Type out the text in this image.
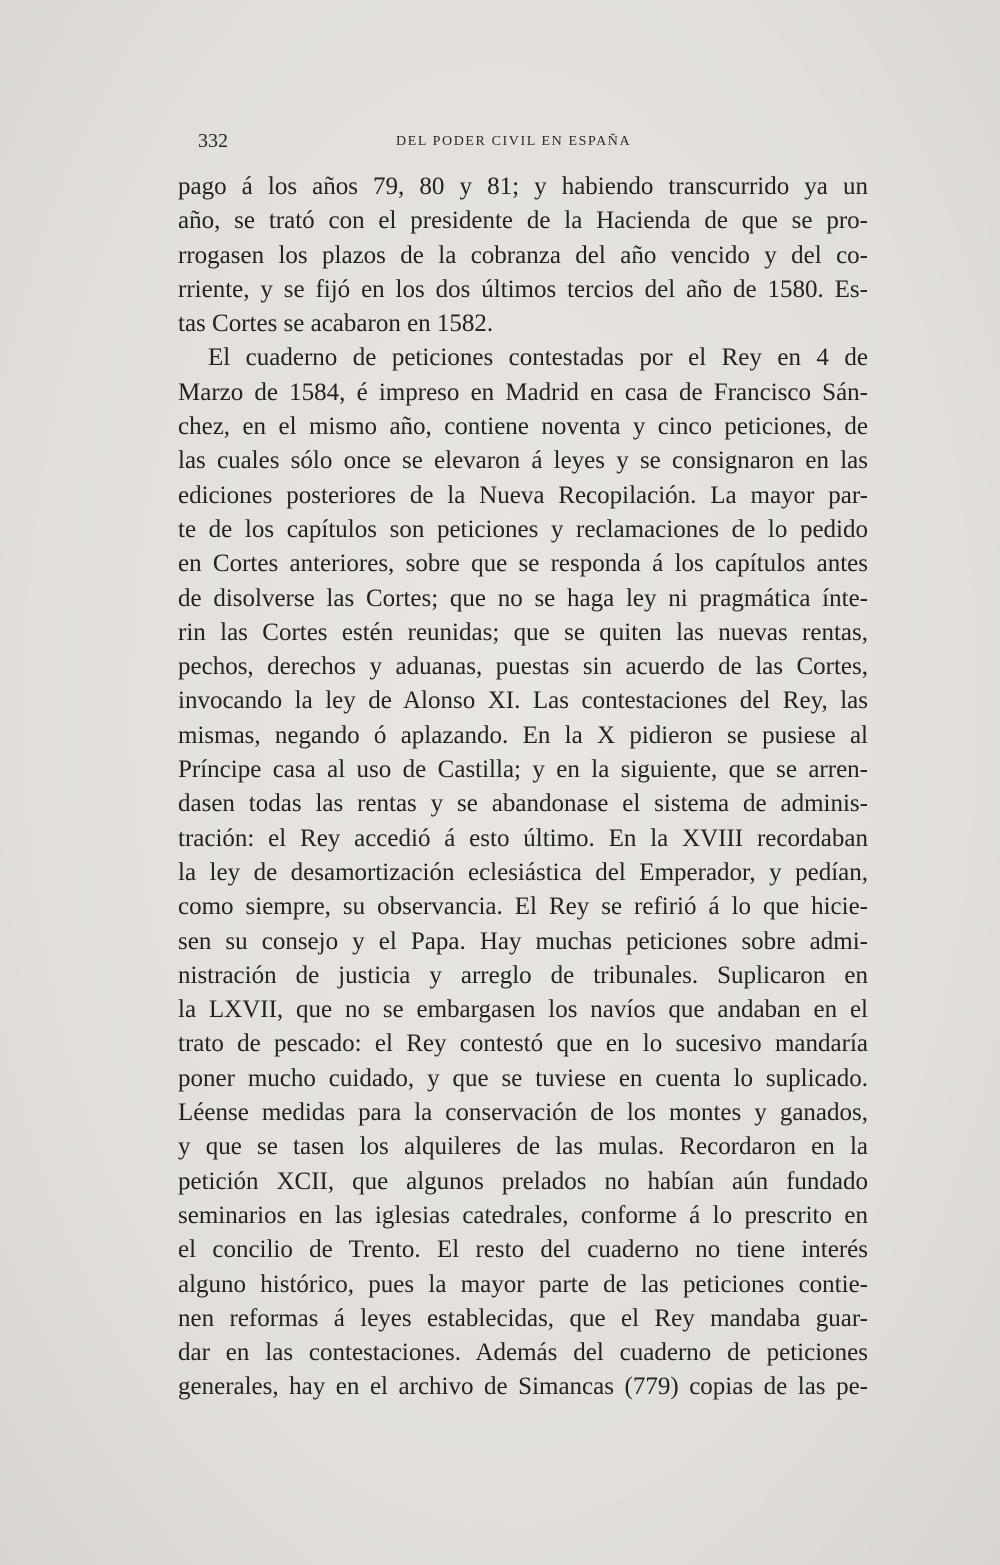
332	DEL PODER CIVIL EN ESPAÑA
pago á los años 79, 80 y 81; y habiendo transcurrido ya un
año, se trató con el presidente de la Hacienda de que se pro-
rrogasen los plazos de la cobranza del año vencido y del co-
rriente, y se fijó en los dos últimos tercios del año de 1580. Es-
tas Cortes se acabaron en 1582.
El cuaderno de peticiones contestadas por el Rey en 4 de
Marzo de 1584, é impreso en Madrid en casa de Francisco Sán-
chez, en el mismo año, contiene noventa y cinco peticiones, de
las cuales sólo once se elevaron á leyes y se consignaron en las
ediciones posteriores de la Nueva Recopilación. La mayor par-
te de los capítulos son peticiones y reclamaciones de lo pedido
en Cortes anteriores, sobre que se responda á los capítulos antes
de disolverse las Cortes; que no se haga ley ni pragmática ínte-
rin las Cortes estén reunidas; que se quiten las nuevas rentas,
pechos, derechos y aduanas, puestas sin acuerdo de las Cortes,
invocando la ley de Alonso XI. Las contestaciones del Rey, las
mismas, negando ó aplazando. En la X pidieron se pusiese al
Príncipe casa al uso de Castilla; y en la siguiente, que se arren-
dasen todas las rentas y se abandonase el sistema de adminis-
tración: el Rey accedió á esto último. En la XVIII recordaban
la ley de desamortización eclesiástica del Emperador, y pedían,
como siempre, su observancia. El Rey se refirió á lo que hicie-
sen su consejo y el Papa. Hay muchas peticiones sobre admi-
nistración de justicia y arreglo de tribunales. Suplicaron en
la LXVII, que no se embargasen los navíos que andaban en el
trato de pescado: el Rey contestó que en lo sucesivo mandaría
poner mucho cuidado, y que se tuviese en cuenta lo suplicado.
Léense medidas para la conservación de los montes y ganados,
y que se tasen los alquileres de las mulas. Recordaron en la
petición XCII, que algunos prelados no habían aún fundado
seminarios en las iglesias catedrales, conforme á lo prescrito en
el concilio de Trento. El resto del cuaderno no tiene interés
alguno histórico, pues la mayor parte de las peticiones contie-
nen reformas á leyes establecidas, que el Rey mandaba guar-
dar en las contestaciones. Además del cuaderno de peticiones
generales, hay en el archivo de Simancas (779) copias de las pe-
